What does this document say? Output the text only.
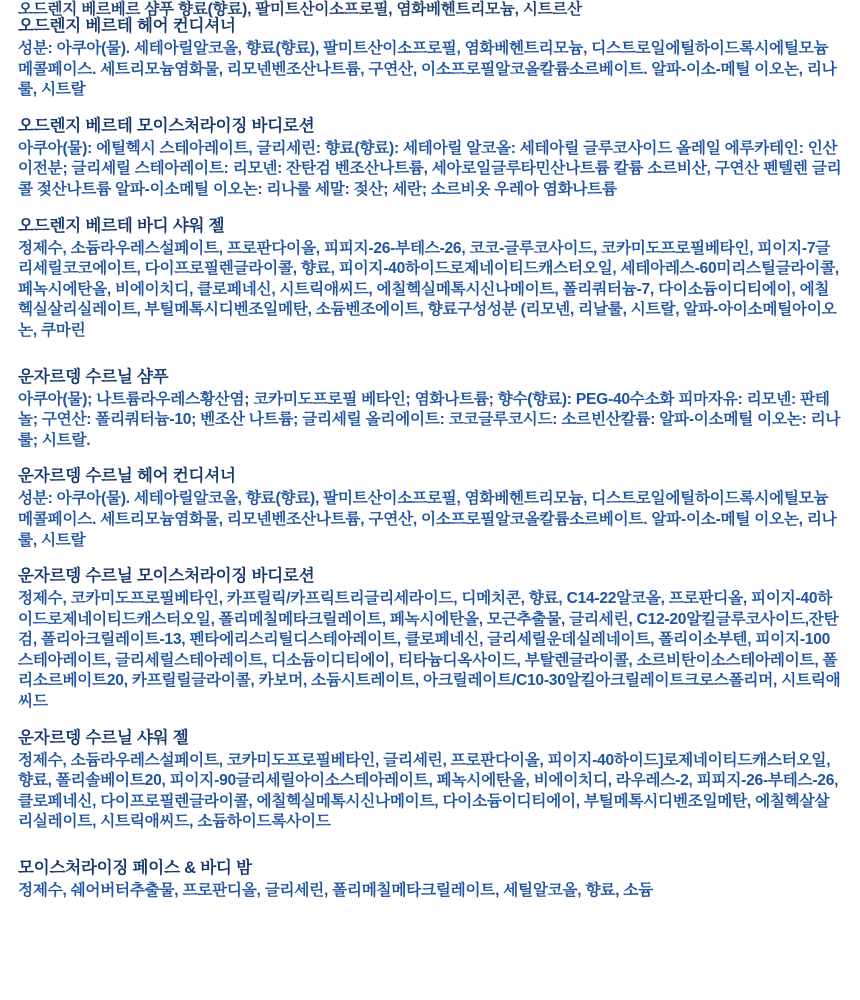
오드렌지 베르베르 샴푸 향료(향료), 팔미트산이소프로필, 염화베헨트리모늄, 시트르산
오드렌지 베르테 헤어 컨디셔너
성분: 아쿠아(물). 세테아릴알코올, 향료(향료), 팔미트산이소프로필, 염화베헨트리모늄, 디스트로일에틸하이드록시에틸모늄메콜페이스. 세트리모늄염화물, 리모넨벤조산나트륨, 구연산, 이소프로필알코올칼륨소르베이트. 알파-이소-메틸 이오논, 리나룰, 시트랄
오드렌지 베르테 모이스처라이징 바디로션
아쿠아(물): 에틸헥시 스테아레이트, 글리세린: 향료(향료): 세테아릴 알코올: 세테아릴 글루코사이드 올레일 에루카테인: 인산이전분; 글리세릴 스테아레이트: 리모넨: 잔탄검 벤조산나트륨, 세아로일글루타민산나트륨 칼륨 소르비산, 구연산 펜텔렌 글리콜 젖산나트륨 알파-이소메틸 이오논: 리나룰 세말: 젖산; 세란; 소르비옷 우레아 염화나트륨
오드렌지 베르테 바디 샤워 젤
정제수, 소듐라우레스설페이트, 프로판다이올, 피피지-26-부테스-26, 코코-글루코사이드, 코카미도프로필베타인, 피이지-7글리세릴코코에이트, 다이프로필렌글라이콜, 향료, 피이지-40하이드로제네이티드캐스터오일, 세테아레스-60미리스틸글라이콜, 페녹시에탄올, 비에이치디, 클로페네신, 시트릭애씨드, 에칠헥실메톡시신나메이트, 폴리쿼터늄-7, 다이소듐이디티에이, 에칠헥실살리실레이트, 부틸메톡시디벤조일메탄, 소듐벤조에이트, 향료구성성분 (리모넨, 리날룰, 시트랄, 알파-아이소메틸아이오논, 쿠마린
운자르뎅 수르닐 샴푸
아쿠아(물); 나트륨라우레스황산염; 코카미도프로필 베타인; 염화나트륨; 향수(향료): PEG-40수소화 피마자유: 리모넨: 판테놀; 구연산: 폴리쿼터늄-10; 벤조산 나트륨; 글리세릴 올리에이트: 코코글루코시드: 소르빈산칼륨: 알파-이소메틸 이오논: 리나룰; 시트랄.
운자르뎅 수르닐 헤어 컨디셔너
성분: 아쿠아(물). 세테아릴알코올, 향료(향료), 팔미트산이소프로필, 염화베헨트리모늄, 디스트로일에틸하이드록시에틸모늄메콜페이스. 세트리모늄염화물, 리모넨벤조산나트륨, 구연산, 이소프로필알코올칼륨소르베이트. 알파-이소-메틸 이오논, 리나룰, 시트랄
운자르뎅 수르닐 모이스처라이징 바디로션
정제수, 코카미도프로필베타인, 카프릴릭/카프릭트리글리세라이드, 디메치콘, 향료, C14-22알코올, 프로판디올, 피이지-40하이드로제네이티드캐스터오일, 폴리메칠메타크릴레이트, 페녹시에탄올, 모근추출물, 글리세린, C12-20알킬글루코사이드,잔탄검, 폴리아크릴레이트-13, 펜타에리스리틸디스테아레이트, 클로페네신, 글리세릴운데실레네이트, 폴리이소부텐, 피이지-100스테아레이트, 글리세릴스테아레이트, 디소듐이디티에이, 티타늄디옥사이드, 부탈렌글라이콜, 소르비탄이소스테아레이트, 폴리소르베이트20, 카프릴릴글라이콜, 카보머, 소듐시트레이트, 아크릴레이트/C10-30알킬아크릴레이트크로스폴리머, 시트릭애씨드
운자르뎅 수르닐 샤워 젤
정제수, 소듐라우레스설페이트, 코카미도프로필베타인, 글리세린, 프로판다이올, 피이지-40하이드]로제네이티드캐스터오일, 향료, 폴리솔베이트20, 피이지-90글리세릴아이소스테아레이트, 페녹시에탄올, 비에이치디, 라우레스-2, 피피지-26-부테스-26, 클로페네신, 다이프로필렌글라이콜, 에칠헥실메톡시신나메이트, 다이소듐이디티에이, 부틸메톡시디벤조일메탄, 에칠헥살살리실레이트, 시트릭애씨드, 소듐하이드록사이드
모이스처라이징 페이스 & 바디 밤
정제수, 쉐어버터추출물, 프로판디올, 글리세린, 폴리메칠메타크릴레이트, 세틸알코올, 향료, 소듐
